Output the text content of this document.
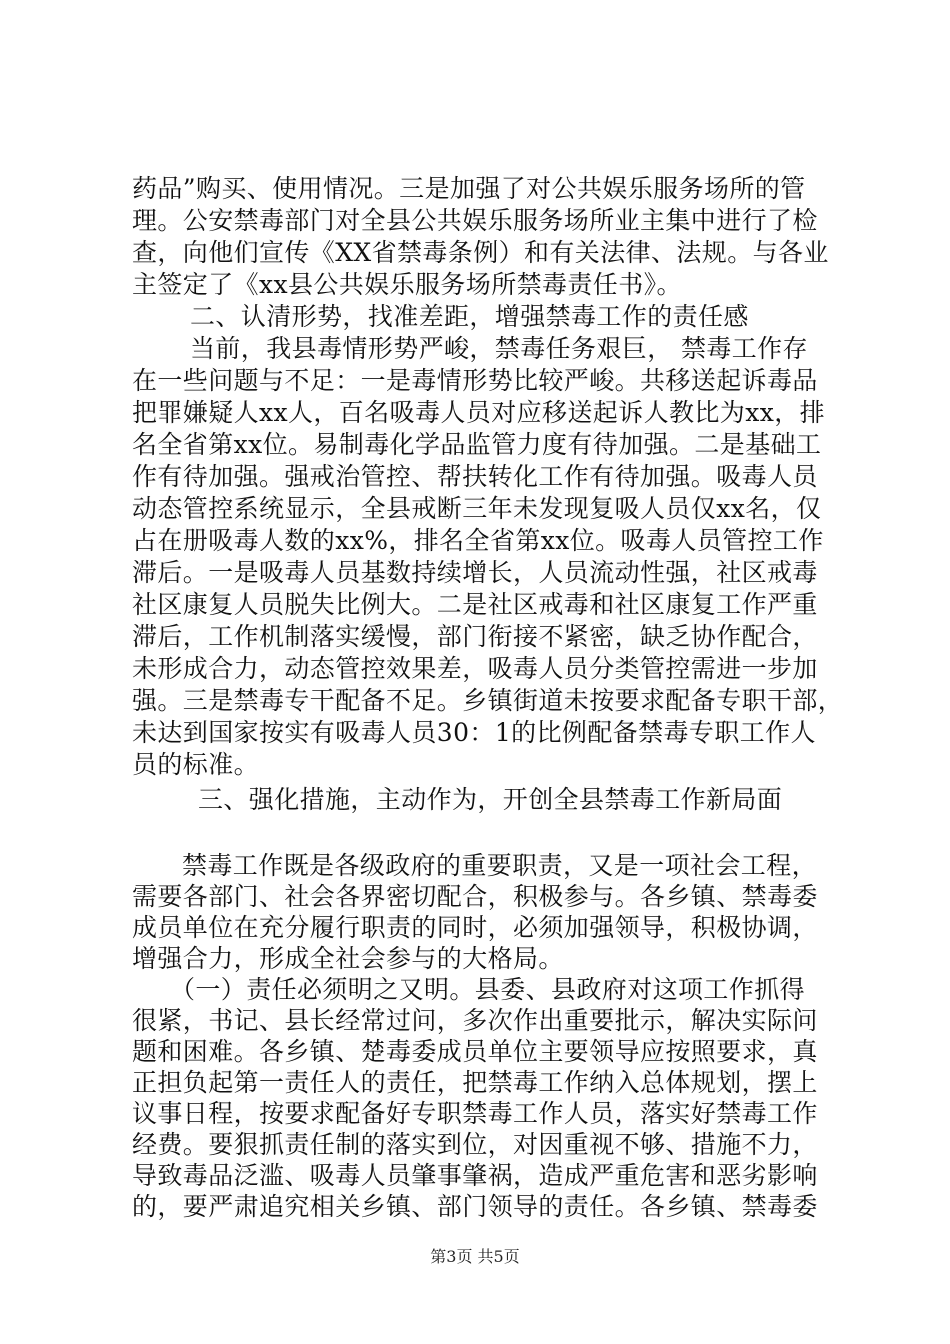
药品”购买、使用情况。三是加强了对公共娱乐服务场所的管
理。公安禁毒部门对全县公共娱乐服务场所业主集中进行了检
查，向他们宣传《XX省禁毒条例）和有关法律、法规。与各业
主签定了《xx县公共娱乐服务场所禁毒责任书》。
二、认清形势，找准差距，增强禁毒工作的责任感
当前，我县毒情形势严峻，禁毒任务艰巨， 禁毒工作存
在一些问题与不足：一是毒情形势比较严峻。共移送起诉毒品
把罪嫌疑人xx人，百名吸毒人员对应移送起诉人教比为xx，排
名全省第xx位。易制毒化学品监管力度有待加强。二是基础工
作有待加强。强戒治管控、帮扶转化工作有待加强。吸毒人员
动态管控系统显示，全县戒断三年未发现复吸人员仅xx名，仅
占在册吸毒人数的xx%，排名全省第xx位。吸毒人员管控工作
滞后。一是吸毒人员基数持续增长，人员流动性强，社区戒毒
社区康复人员脱失比例大。二是社区戒毒和社区康复工作严重
滞后，工作机制落实缓慢，部门衔接不紧密，缺乏协作配合，
未形成合力，动态管控效果差，吸毒人员分类管控需进一步加
强。三是禁毒专干配备不足。乡镇街道未按要求配备专职干部，
未达到国家按实有吸毒人员30：1的比例配备禁毒专职工作人
员的标准。
三、强化措施，主动作为，开创全县禁毒工作新局面
禁毒工作既是各级政府的重要职责，又是一项社会工程，
需要各部门、社会各界密切配合，积极参与。各乡镇、禁毒委
成员单位在充分履行职责的同时，必须加强领导，积极协调，
增强合力，形成全社会参与的大格局。
（一）责任必须明之又明。县委、县政府对这项工作抓得
很紧，书记、县长经常过问，多次作出重要批示，解决实际问
题和困难。各乡镇、楚毒委成员单位主要领导应按照要求，真
正担负起第一责任人的责任，把禁毒工作纳入总体规划，摆上
议事日程，按要求配备好专职禁毒工作人员，落实好禁毒工作
经费。要狠抓责任制的落实到位，对因重视不够、措施不力，
导致毒品泛滥、吸毒人员肇事肇祸，造成严重危害和恶劣影响
的，要严肃追究相关乡镇、部门领导的责任。各乡镇、禁毒委
第3页 共5页
